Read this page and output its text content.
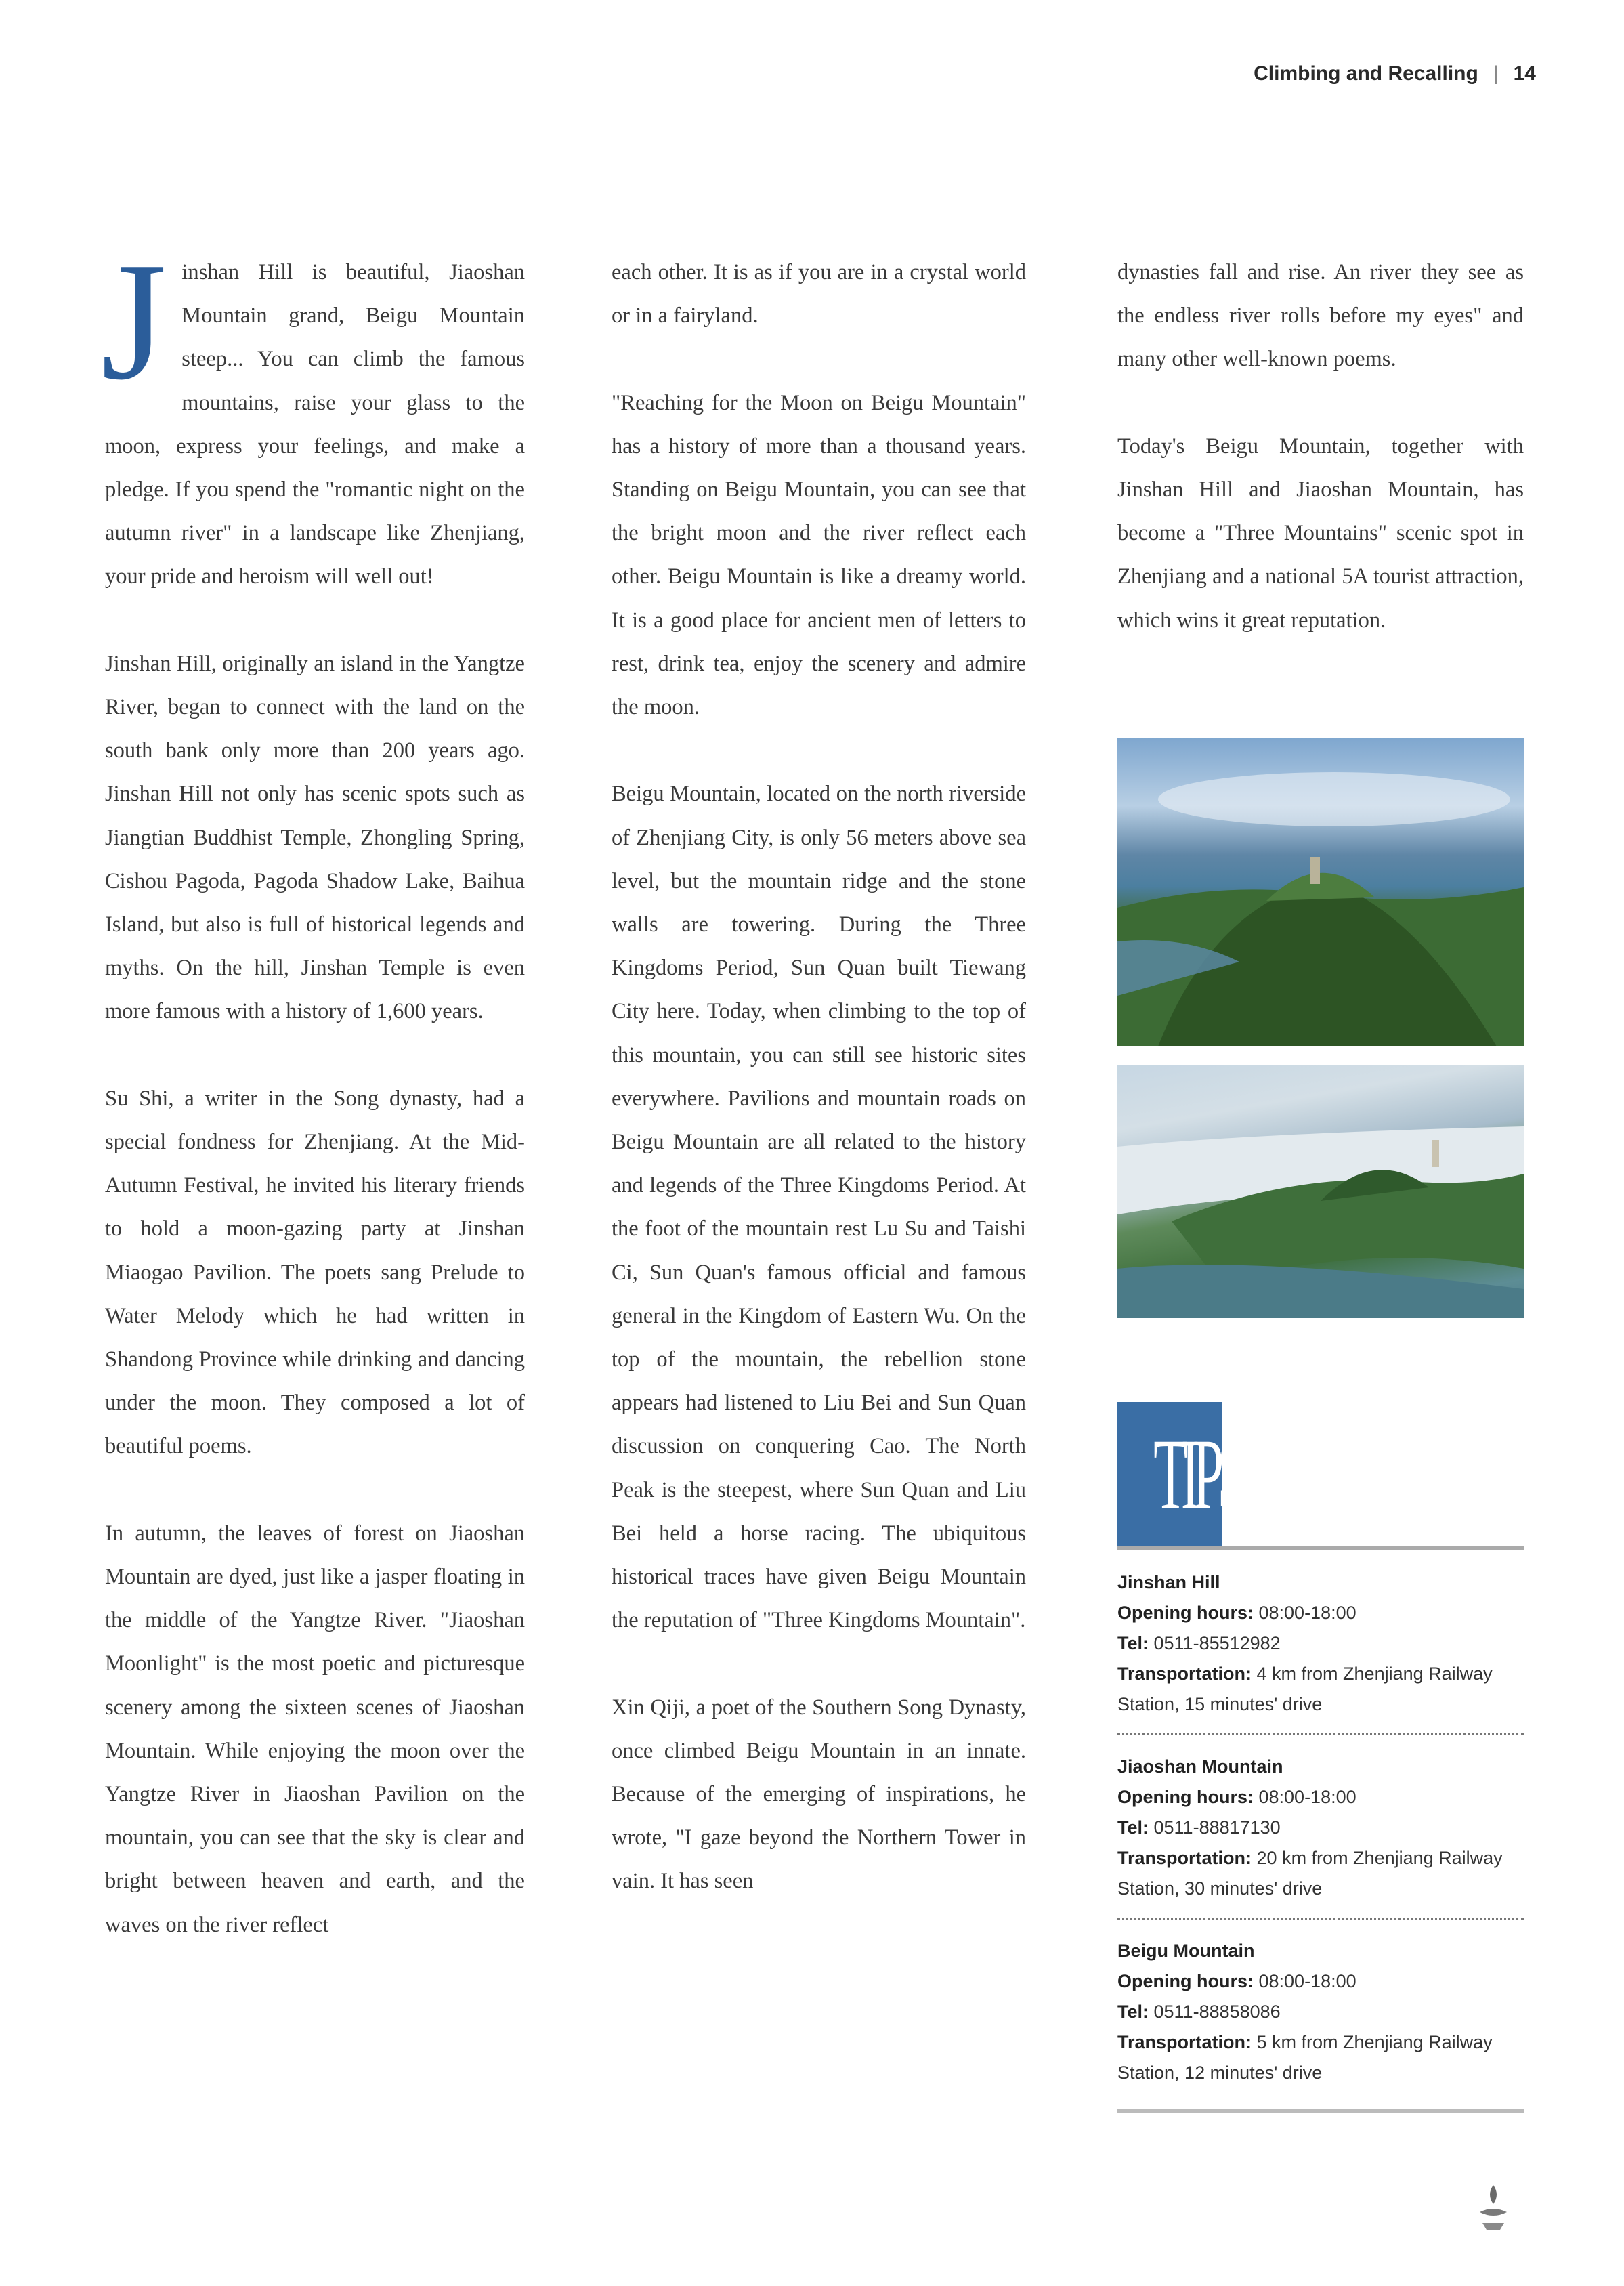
Climbing and Recalling | 14

Jinshan Hill is beautiful, Jiaoshan Mountain grand, Beigu Mountain steep... You can climb the famous mountains, raise your glass to the moon, express your feelings, and make a pledge. If you spend the "romantic night on the autumn river" in a landscape like Zhenjiang, your pride and heroism will well out!

Jinshan Hill, originally an island in the Yangtze River, began to connect with the land on the south bank only more than 200 years ago. Jinshan Hill not only has scenic spots such as Jiangtian Buddhist Temple, Zhongling Spring, Cishou Pagoda, Pagoda Shadow Lake, Baihua Island, but also is full of historical legends and myths. On the hill, Jinshan Temple is even more famous with a history of 1,600 years.

Su Shi, a writer in the Song dynasty, had a special fondness for Zhenjiang. At the Mid-Autumn Festival, he invited his literary friends to hold a moon-gazing party at Jinshan Miaogao Pavilion. The poets sang Prelude to Water Melody which he had written in Shandong Province while drinking and dancing under the moon. They composed a lot of beautiful poems.

In autumn, the leaves of forest on Jiaoshan Mountain are dyed, just like a jasper floating in the middle of the Yangtze River. "Jiaoshan Moonlight" is the most poetic and picturesque scenery among the sixteen scenes of Jiaoshan Mountain. While enjoying the moon over the Yangtze River in Jiaoshan Pavilion on the mountain, you can see that the sky is clear and bright between heaven and earth, and the waves on the river reflect

each other. It is as if you are in a crystal world or in a fairyland.

"Reaching for the Moon on Beigu Mountain" has a history of more than a thousand years. Standing on Beigu Mountain, you can see that the bright moon and the river reflect each other. Beigu Mountain is like a dreamy world. It is a good place for ancient men of letters to rest, drink tea, enjoy the scenery and admire the moon.

Beigu Mountain, located on the north riverside of Zhenjiang City, is only 56 meters above sea level, but the mountain ridge and the stone walls are towering. During the Three Kingdoms Period, Sun Quan built Tiewang City here. Today, when climbing to the top of this mountain, you can still see historic sites everywhere. Pavilions and mountain roads on Beigu Mountain are all related to the history and legends of the Three Kingdoms Period. At the foot of the mountain rest Lu Su and Taishi Ci, Sun Quan's famous official and famous general in the Kingdom of Eastern Wu. On the top of the mountain, the rebellion stone appears had listened to Liu Bei and Sun Quan discussion on conquering Cao. The North Peak is the steepest, where Sun Quan and Liu Bei held a horse racing. The ubiquitous historical traces have given Beigu Mountain the reputation of "Three Kingdoms Mountain".

Xin Qiji, a poet of the Southern Song Dynasty, once climbed Beigu Mountain in an innate. Because of the emerging of inspirations, he wrote, "I gaze beyond the Northern Tower in vain. It has seen

dynasties fall and rise. An river they see as the endless river rolls before my eyes" and many other well-known poems.

Today's Beigu Mountain, together with Jinshan Hill and Jiaoshan Mountain, has become a "Three Mountains" scenic spot in Zhenjiang and a national 5A tourist attraction, which wins it great reputation.

TIPS
Jinshan Hill
Opening hours: 08:00-18:00
Tel: 0511-85512982
Transportation: 4 km from Zhenjiang Railway Station, 15 minutes' drive
Jiaoshan Mountain
Opening hours: 08:00-18:00
Tel: 0511-88817130
Transportation: 20 km from Zhenjiang Railway Station, 30 minutes' drive
Beigu Mountain
Opening hours: 08:00-18:00
Tel: 0511-88858086
Transportation: 5 km from Zhenjiang Railway Station, 12 minutes' drive
